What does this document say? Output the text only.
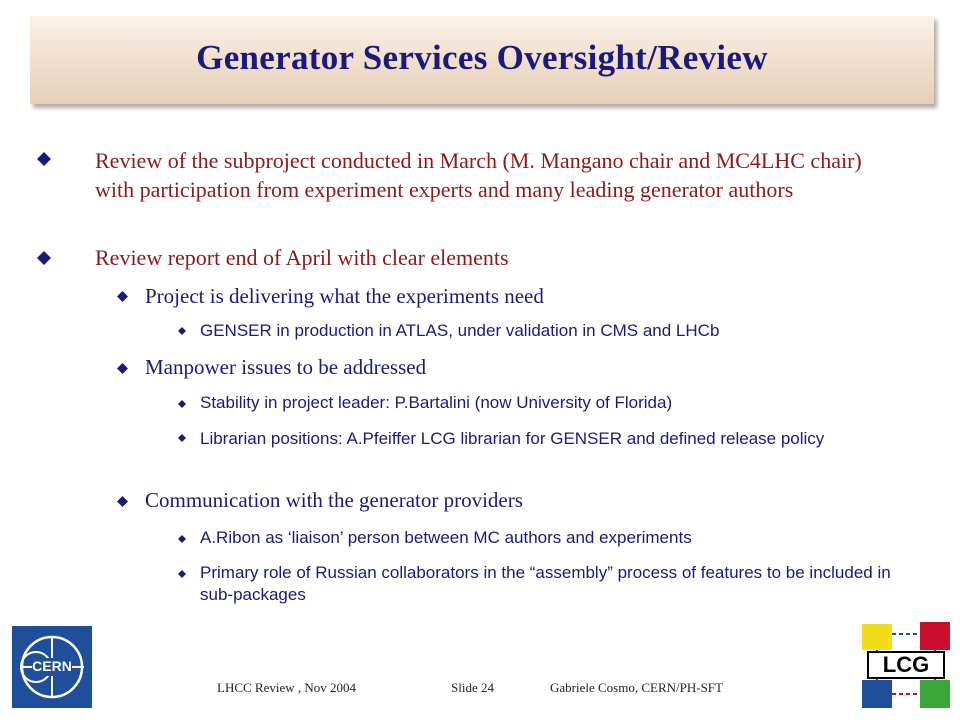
Generator Services Oversight/Review
Review of the subproject conducted in March (M. Mangano chair and MC4LHC chair) with participation from experiment experts and many leading generator authors
Review report end of April with clear elements
Project is delivering what the experiments need
GENSER in production in ATLAS, under validation in CMS and LHCb
Manpower issues to be addressed
Stability in project leader: P.Bartalini (now University of Florida)
Librarian positions: A.Pfeiffer LCG librarian for GENSER and defined release policy
Communication with the generator providers
A.Ribon as ‘liaison’ person between MC authors and experiments
Primary role of Russian collaborators in the “assembly” process of features to be included in sub-packages
CERN
LHCC Review , Nov 2004	Slide 24	Gabriele Cosmo, CERN/PH-SFT
LCG
